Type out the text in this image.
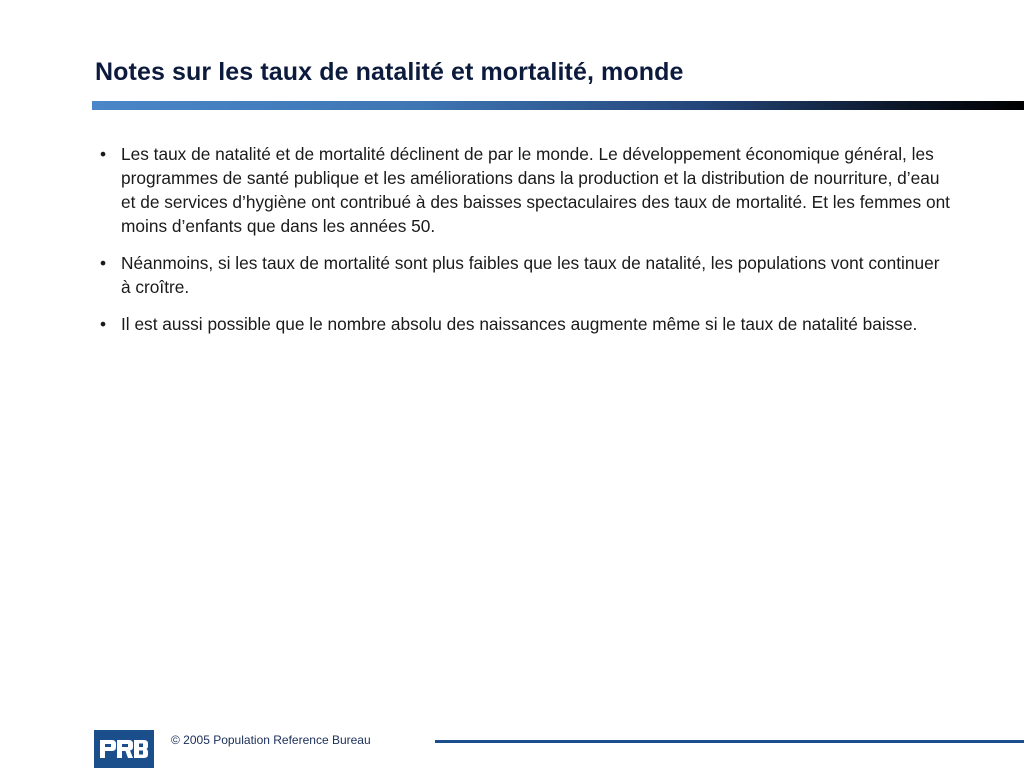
Notes sur les taux de natalité et mortalité, monde
• Les taux de natalité et de mortalité déclinent de par le monde. Le développement économique général, les programmes de santé publique et les améliorations dans la production et la distribution de nourriture, d’eau et de services d’hygiène ont contribué à des baisses spectaculaires des taux de mortalité. Et les femmes ont moins d’enfants que dans les années 50.
• Néanmoins, si les taux de mortalité sont plus faibles que les taux de natalité, les populations vont continuer à croître.
• Il est aussi possible que le nombre absolu des naissances augmente même si le taux de natalité baisse.
© 2005 Population Reference Bureau
